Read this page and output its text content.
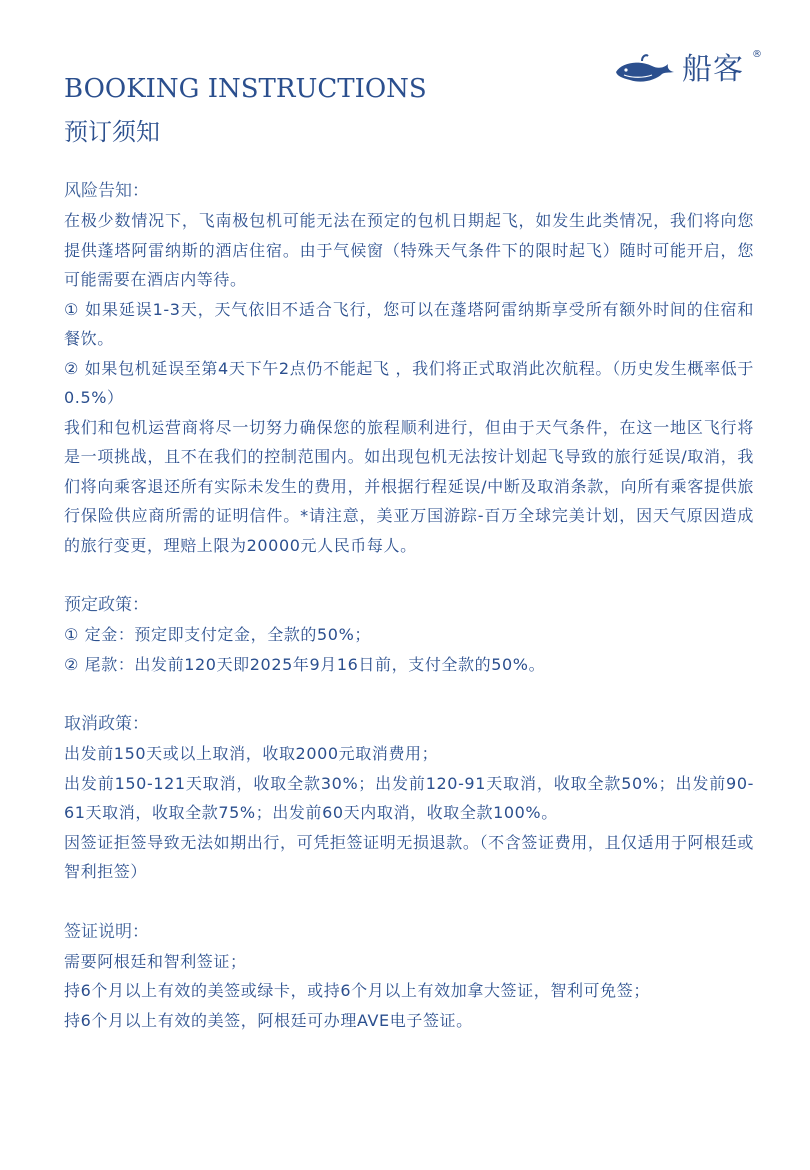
船客 ®
BOOKING INSTRUCTIONS
预订须知
风险告知：

在极少数情况下，飞南极包机可能无法在预定的包机日期起飞，如发生此类情况，我们将向您提供蓬塔阿雷纳斯的酒店住宿。由于气候窗（特殊天气条件下的限时起飞）随时可能开启，您可能需要在酒店内等待。

① 如果延误1-3天，天气依旧不适合飞行，您可以在蓬塔阿雷纳斯享受所有额外时间的住宿和餐饮。

② 如果包机延误至第4天下午2点仍不能起飞 ，我们将正式取消此次航程。（历史发生概率低于0.5%）

我们和包机运营商将尽一切努力确保您的旅程顺利进行，但由于天气条件，在这一地区飞行将是一项挑战，且不在我们的控制范围内。如出现包机无法按计划起飞导致的旅行延误/取消，我们将向乘客退还所有实际未发生的费用，并根据行程延误/中断及取消条款，向所有乘客提供旅行保险供应商所需的证明信件。*请注意，美亚万国游踪-百万全球完美计划，因天气原因造成的旅行变更，理赔上限为20000元人民币每人。

预定政策：

① 定金：预定即支付定金，全款的50%；

② 尾款：出发前120天即2025年9月16日前，支付全款的50%。

取消政策：

出发前150天或以上取消，收取2000元取消费用；

出发前150-121天取消，收取全款30%；出发前120-91天取消，收取全款50%；出发前90-61天取消，收取全款75%；出发前60天内取消，收取全款100%。

因签证拒签导致无法如期出行，可凭拒签证明无损退款。（不含签证费用，且仅适用于阿根廷或智利拒签）

签证说明：

需要阿根廷和智利签证；

持6个月以上有效的美签或绿卡，或持6个月以上有效加拿大签证，智利可免签；

持6个月以上有效的美签，阿根廷可办理AVE电子签证。
